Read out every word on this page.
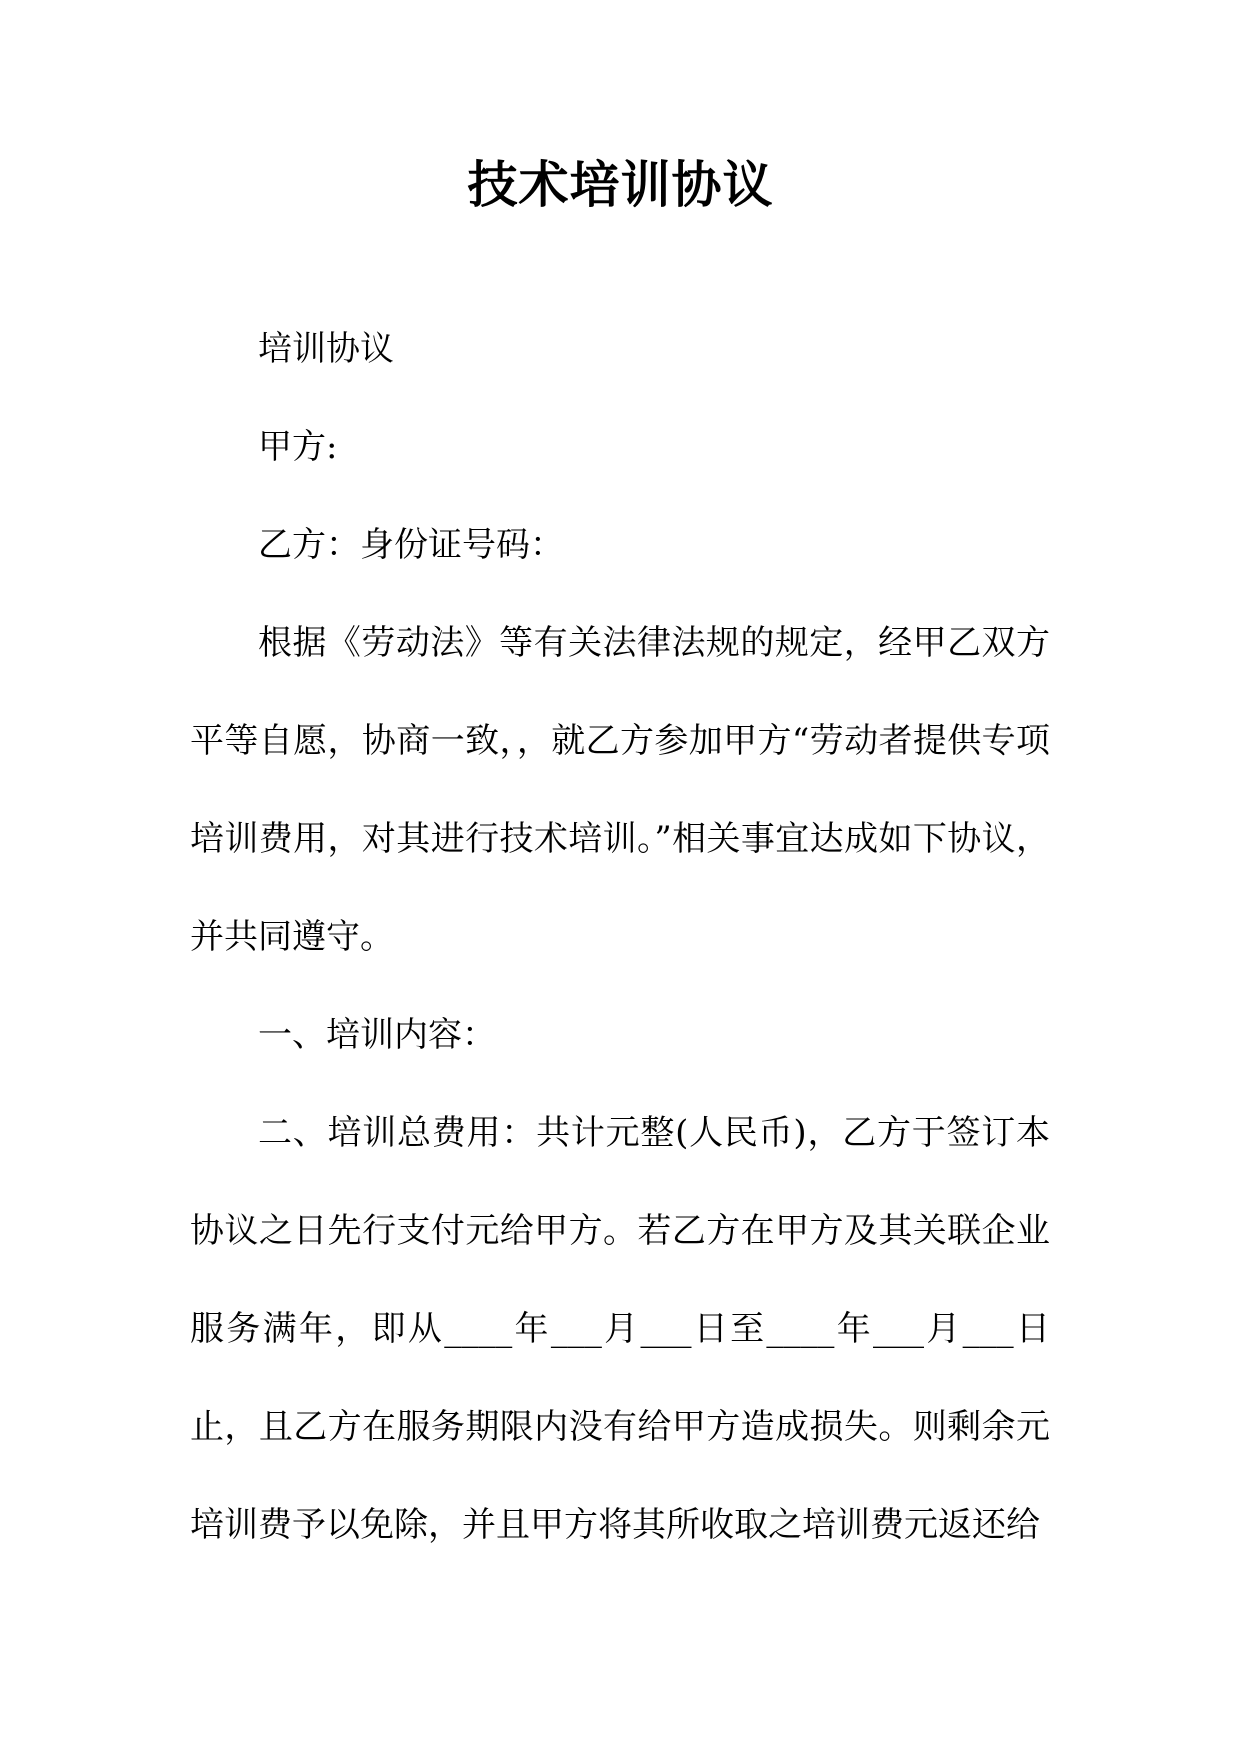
技术培训协议

培训协议

甲方:

乙方：身份证号码：

根据《劳动法》等有关法律法规的规定，经甲乙双方平等自愿，协商一致，，就乙方参加甲方“劳动者提供专项培训费用，对其进行技术培训。”相关事宜达成如下协议，并共同遵守。

一、培训内容：

二、培训总费用：共计元整(人民币)，乙方于签订本协议之日先行支付元给甲方。若乙方在甲方及其关联企业服务满年，即从____年___月___日至____年___月___日止，且乙方在服务期限内没有给甲方造成损失。则剩余元培训费予以免除，并且甲方将其所收取之培训费元返还给
